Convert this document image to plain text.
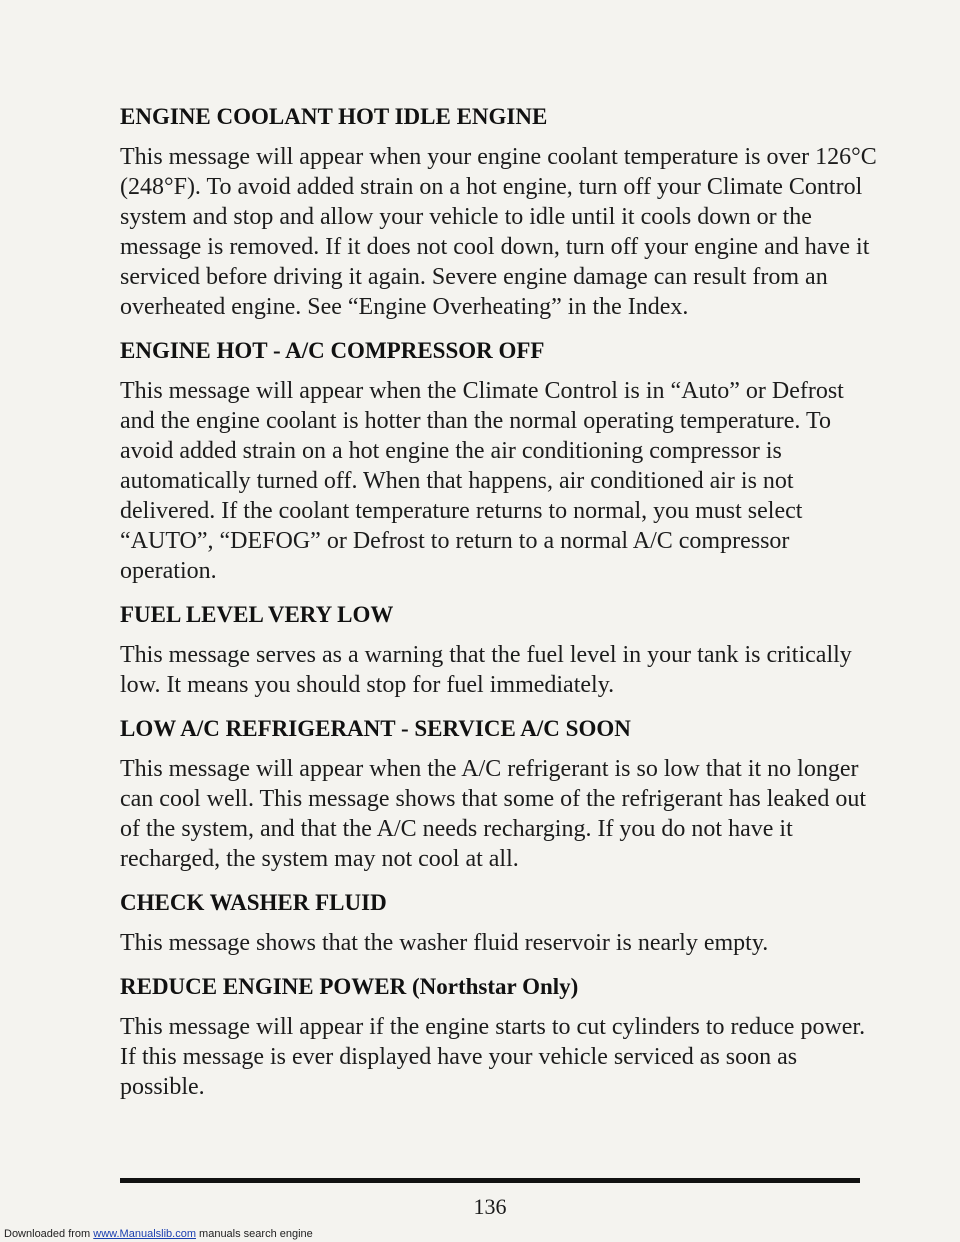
ENGINE COOLANT HOT IDLE ENGINE

This message will appear when your engine coolant temperature is over 126°C (248°F). To avoid added strain on a hot engine, turn off your Climate Control system and stop and allow your vehicle to idle until it cools down or the message is removed. If it does not cool down, turn off your engine and have it serviced before driving it again. Severe engine damage can result from an overheated engine. See “Engine Overheating” in the Index.

ENGINE HOT - A/C COMPRESSOR OFF

This message will appear when the Climate Control is in “Auto” or Defrost and the engine coolant is hotter than the normal operating temperature. To avoid added strain on a hot engine the air conditioning compressor is automatically turned off. When that happens, air conditioned air is not delivered. If the coolant temperature returns to normal, you must select “AUTO”, “DEFOG” or Defrost to return to a normal A/C compressor operation.

FUEL LEVEL VERY LOW

This message serves as a warning that the fuel level in your tank is critically low. It means you should stop for fuel immediately.

LOW A/C REFRIGERANT - SERVICE A/C SOON

This message will appear when the A/C refrigerant is so low that it no longer can cool well. This message shows that some of the refrigerant has leaked out of the system, and that the A/C needs recharging. If you do not have it recharged, the system may not cool at all.

CHECK WASHER FLUID

This message shows that the washer fluid reservoir is nearly empty.

REDUCE ENGINE POWER (Northstar Only)

This message will appear if the engine starts to cut cylinders to reduce power. If this message is ever displayed have your vehicle serviced as soon as possible.

136
Downloaded from www.Manualslib.com manuals search engine
